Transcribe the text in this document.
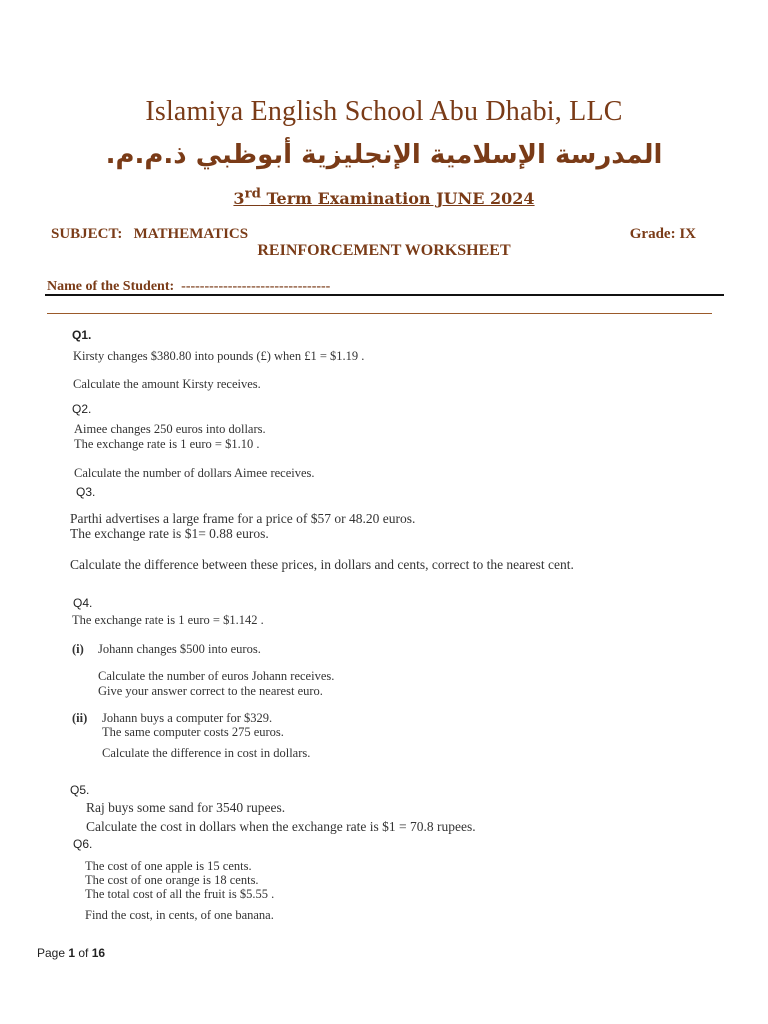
Islamiya English School Abu Dhabi, LLC
المدرسة الإسلامية الإنجليزية أبوظبي ذ.م.م.
3rd Term Examination JUNE 2024
SUBJECT:   MATHEMATICS	Grade: IX
REINFORCEMENT WORKSHEET
Name of the Student:  --------------------------------
Q1.
Kirsty changes $380.80 into pounds (£) when £1 = $1.19 .
Calculate the amount Kirsty receives.
Q2.
Aimee changes 250 euros into dollars.
The exchange rate is 1 euro = $1.10 .
Calculate the number of dollars Aimee receives.
Q3.
Parthi advertises a large frame for a price of $57 or 48.20 euros.
The exchange rate is $1= 0.88 euros.
Calculate the difference between these prices, in dollars and cents, correct to the nearest cent.
Q4.
The exchange rate is 1 euro = $1.142 .
(i) Johann changes $500 into euros.
Calculate the number of euros Johann receives.
Give your answer correct to the nearest euro.
(ii) Johann buys a computer for $329.
The same computer costs 275 euros.
Calculate the difference in cost in dollars.
Q5.
Raj buys some sand for 3540 rupees.
Calculate the cost in dollars when the exchange rate is $1 = 70.8 rupees.
Q6.
The cost of one apple is 15 cents.
The cost of one orange is 18 cents.
The total cost of all the fruit is $5.55 .
Find the cost, in cents, of one banana.
Page 1 of 16
